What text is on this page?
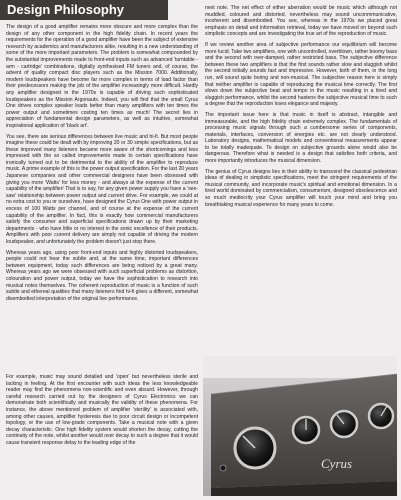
Design Philosophy

The design of a good amplifier remains more obscure and more complex than the design of any other component in the high fidelity chain. In recent years the requirements for the operation of a good amplifier have been the subject of extensive research by academics and manufacturers alike, resulting in a new understanding of some of the more important parameters. The problem is somewhat compounded by the substantial improvements made to front-end inputs such as advanced 'turntable - arm - cartridge' combinations, digitally synthesised FM tuners and, of course, the advent of quality compact disc players such as the Mission 7000. Additionally, modern loudspeakers have become far more complex in terms of load factor than their predecessors making the job of the amplifier increasingly more difficult. Hardly any amplifier designed in the 1970s is capable of driving such sophisticated loudspeakers as the Mission Argonauts. Indeed, you will find that the small Cyrus One drives complex speaker loads better than many amplifiers with ten times the power output and sometimes costing ten times as much! The secret lies in appreciation of fundamental design parameters, as well as intuitive, somewhat inspirational application of 'black art'.

You see, there are serious differences between live music and hi-fi. But most people imagine these could be dealt with by improving 20 or 30 simple specifications, but as these improved many listeners became more aware of the shortcomings and less impressed with the so called improvements made to certain specifications have ironically turned out to be detrimental to the ability of the amplifier to reproduce music. A prime example of this is the power output specification. For the last 20 years Japanese companies and other commercial designers have been obsessed with giving you more 'Watts' for less money - and always at the expense of the current capability of the amplifier! That is to say, for any given power supply you have a 'see-saw' relationship between power output and current drive. For example, we could at no extra cost to you or ourselves, have designed the Cyrus One with power output in excess of 100 Watts per channel, and of course at the expense of the current capability of the amplifier. In fact, this is exactly how commercial manufacturers satisfy the consumer and superficial specifications drawn up by their marketing departments - who have little or no interest in the sonic excellence of their products. Amplifiers with poor current delivery are simply not capable of driving the modern loudspeaker, and unfortunately the problem doesn't just stop there.

Whereas years ago, using poor front-end inputs and highly distorted loudspeakers, people could not hear the subtle and, at the same time, important differences between equipment, today such differences are being noticed by a great many. Whereas years ago we were obsessed with such superficial problems as distortion, colouration and power output, today we have the sophistication to research into musical notes themselves. The coherent reproduction of music is a function of such subtle and ethereal qualities that many listeners find hi-fi gives a different, somewhat disembodied interpretation of the original live performance.

For example, music may sound detailed and 'open' but nevertheless sterile and lacking in feeling. At the first encounter with such ideas the less knowledgeable reader may find the phenomena non-scientific and even absurd. However, through careful research carried out by the designers of Cyrus Electronics we can demonstrate both scientifically and musically the validity of these phenomena. For instance, the above mentioned problem of amplifier 'sterility' is associated with, among other causes, amplifier hysteresis due to poor circuit design or incompetent topology, or the use of low-grade components. Take a musical note with a given decay characteristic. One high fidelity system would shorten the decay, cutting the continuity of the note, whilst another would over decay to such a degree that it would cause transient response delay to the leading edge of the

next note. The net effect of either aberration would be music which although not muddled, coloured and distorted, nevertheless may sound unconmmunicative, incoherent and disembodied. You see, whereas in the 1970s we placed great emphasis on detail and information retrieval, today we have moved on beyond such simplistic concepts and are investigating the true art of the reproduction of music.

If we review another area of subjective performance our equilibrium will become more lucid. Take two amplifiers, one with uncontrolled, overblown, rather boomy bass and the second with over-damped, rather restricted bass. The subjective difference between these two amplifiers is that the first sounds rather slow and sluggish whilst the second initially sounds fast and impressive. However, both of them, in the long run, will sound quite boring and non-musical. The subjective reason here is simply that neither amplifier is capable of reproducing the musical time correctly. The first slows down the subjective beat and tempo in the music resulting in a tired and sluggish performance, whilst the second hastens the subjective musical time to such a degree that the reproduction loses elegance and majesty.

The important issue here is that music in itself is abstract, intangible and immeasurable, and the high fidelity chain extremely complex. The fundamentals of processing music signals through such a cumbersome series of components, materials, interfaces, conversion of energies etc. are not clearly understood. Laboratory designs, mathematical models and conventional measurements appear to be totally inadequate. To design on subjective grounds alone would also be dangerous. Therefore what is needed is a design that satisfies both criteria, and more importantly introduces the musical dimension.

The genius of Cyrus designs lies in their ability to transcend the classical pedestrian ideas of dealing in simplistic specifications, meet the stringent requirements of the musical community, and incorporate music's spiritual and emotional dimension. In a tired world dominated by commercialism, consumerism, designed obsolescence and so much mediocrity your Cyrus amplifier will touch your mind and bring you breathtaking musical experience for many years to come.

Cyrus
